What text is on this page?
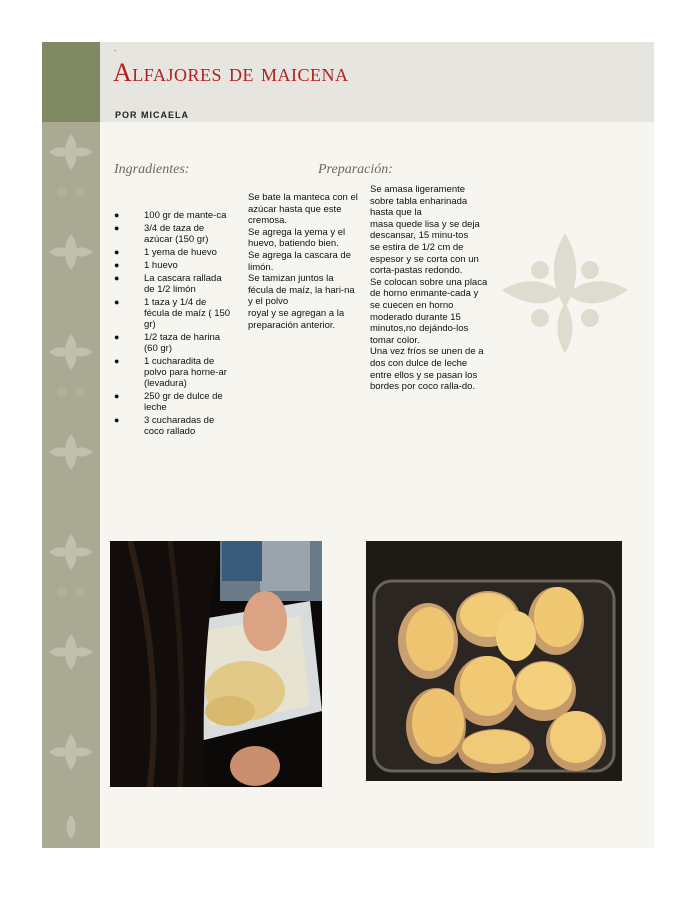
.
Alfajores de maicena
POR MICAELA
Ingradientes:	Preparación:
●	100 gr de mante-ca
●	3/4 de taza de azúcar (150 gr)
●	1 yema de huevo
●	1 huevo
●	La cascara rallada de 1/2 limón
●	1 taza y 1/4 de fécula de maíz ( 150 gr)
●	1/2 taza de harina (60 gr)
●	1 cucharadita de polvo para horne-ar (levadura)
●	250 gr de dulce de leche
●	3 cucharadas de coco rallado
Se bate la manteca con el azúcar hasta que este cremosa.
Se agrega la yema y el huevo, batiendo bien.
Se agrega la cascara de limón.
Se tamizan juntos la fécula de maíz, la hari-na y el polvo
royal y se agregan a la preparación anterior.
Se amasa ligeramente sobre tabla enharinada hasta que la
masa quede lisa y se deja descansar, 15 minu-tos
se estira de 1/2 cm de espesor y se corta con un corta-pastas redondo.
Se colocan sobre una placa de horno enmante-cada y se cuecen en horno moderado durante 15 minutos,no dejándo-los tomar color.
Una vez fríos se unen de a dos con dulce de leche entre ellos y se pasan los bordes por coco ralla-do.
